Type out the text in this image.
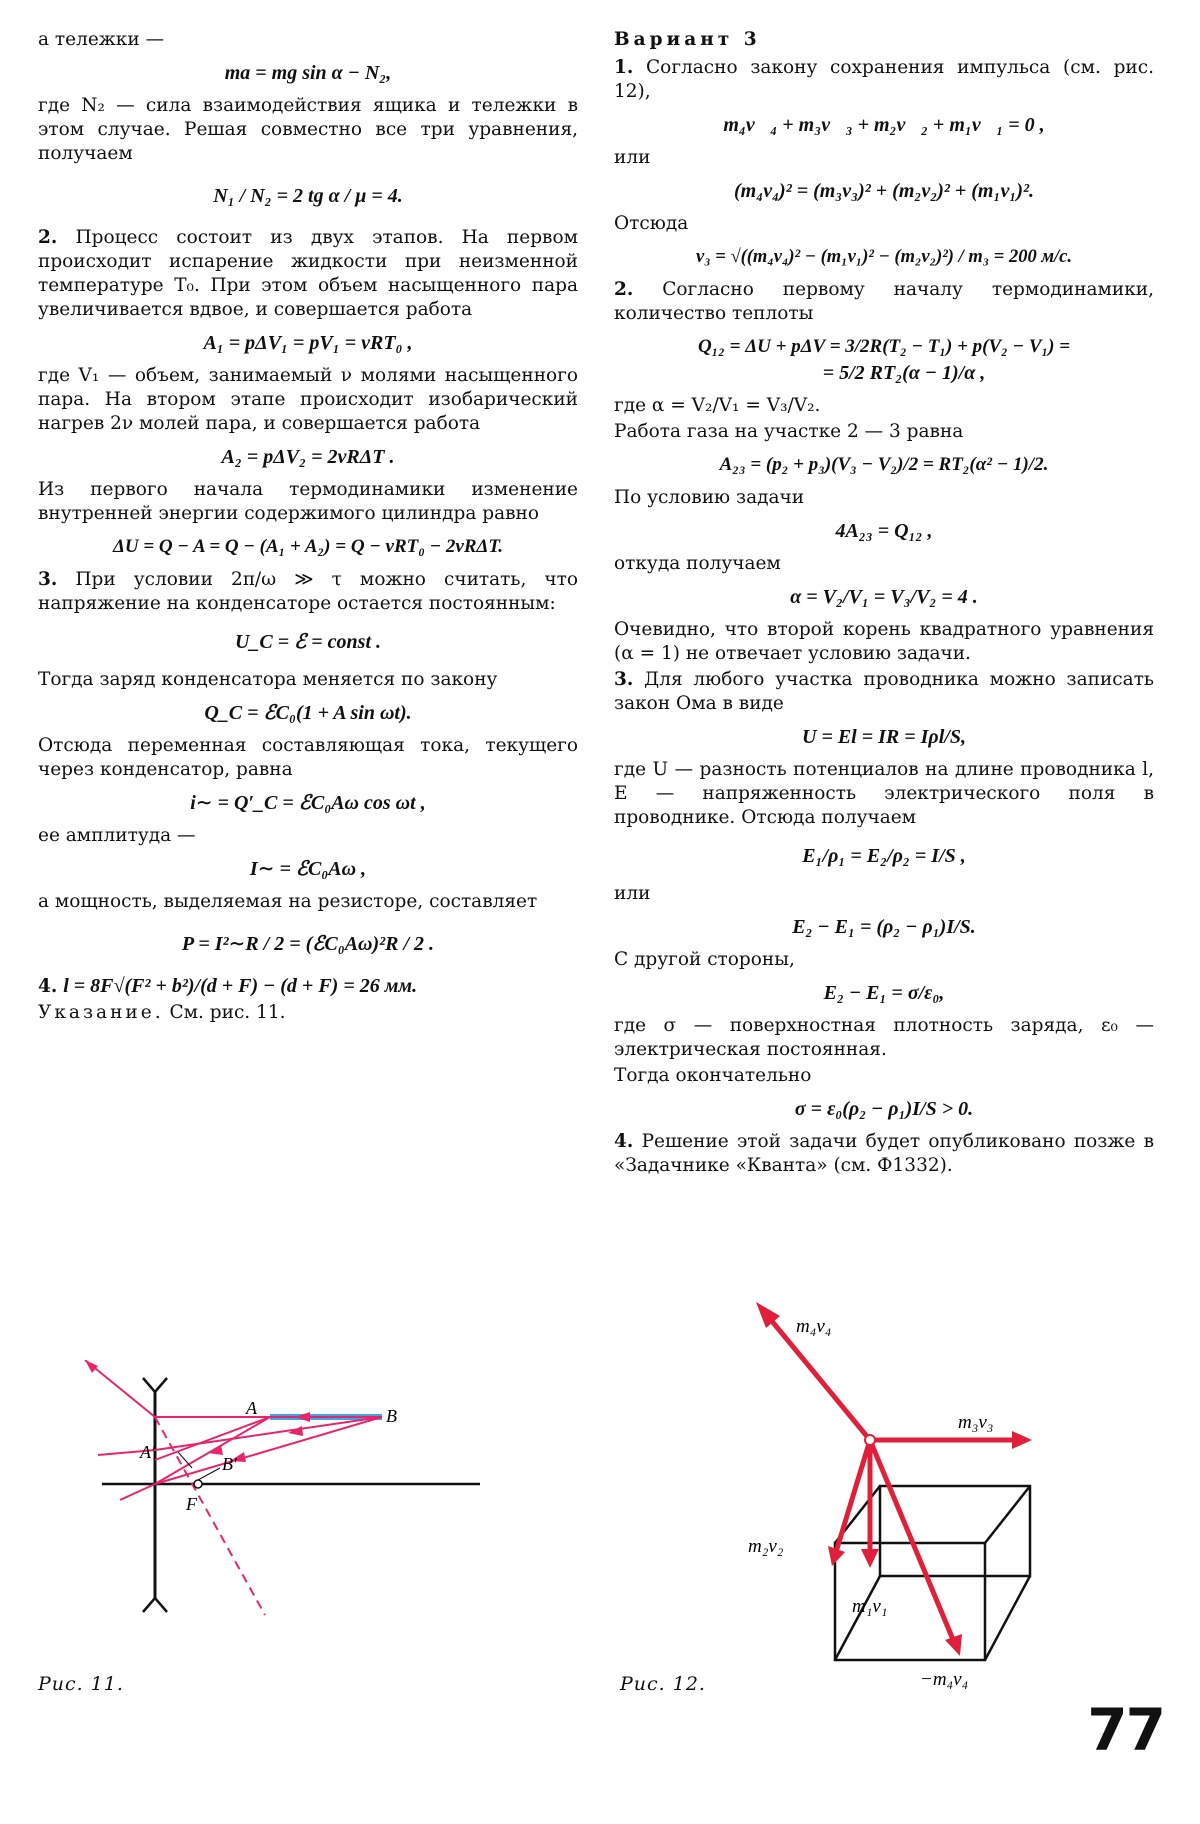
а тележки —

ma = mg sin α − N₂,

где N₂ — сила взаимодействия ящика и тележки в этом случае. Решая совместно все три уравнения, получаем

N₁ / N₂ = 2 tg α / μ = 4.

2. Процесс состоит из двух этапов. На первом происходит испарение жидкости при неизменной температуре T₀. При этом объем насыщенного пара увеличивается вдвое, и совершается работа

A₁ = pΔV₁ = pV₁ = νRT₀ ,

где V₁ — объем, занимаемый ν молями насыщенного пара. На втором этапе происходит изобарический нагрев 2ν молей пара, и совершается работа

A₂ = pΔV₂ = 2νRΔT .

Из первого начала термодинамики изменение внутренней энергии содержимого цилиндра равно

ΔU = Q − A = Q − (A₁ + A₂) = Q − νRT₀ − 2νRΔT.

3. При условии 2π/ω ≫ τ можно считать, что напряжение на конденсаторе остается постоянным:

U_C = ℰ = const .

Тогда заряд конденсатора меняется по закону

Q_C = ℰC₀(1 + A sin ωt).

Отсюда переменная составляющая тока, текущего через конденсатор, равна

i∼ = Q′_C = ℰC₀Aω cos ωt ,

ее амплитуда —

I∼ = ℰC₀Aω ,

а мощность, выделяемая на резисторе, составляет

P = I²∼R / 2 = (ℰC₀Aω)²R / 2 .

4. l = 8F√(F² + b²)/(d + F) − (d + F) = 26 мм.

Указание. См. рис. 11.

Вариант 3

1. Согласно закону сохранения импульса (см. рис. 12),

m₄v⃗₄ + m₃v⃗₃ + m₂v⃗₂ + m₁v⃗₁ = 0 ,

или

(m₄v₄)² = (m₃v₃)² + (m₂v₂)² + (m₁v₁)².

Отсюда

v₃ = √((m₄v₄)² − (m₁v₁)² − (m₂v₂)²) / m₃ = 200 м/с.

2. Согласно первому началу термодинамики, количество теплоты

Q₁₂ = ΔU + pΔV = 3/2R(T₂ − T₁) + p(V₂ − V₁) =
= 5/2 RT₂(α − 1)/α ,

где α = V₂/V₁ = V₃/V₂.

Работа газа на участке 2 — 3 равна

A₂₃ = (p₂ + p₃)(V₃ − V₂)/2 = RT₂(α² − 1)/2.

По условию задачи

4A₂₃ = Q₁₂ ,

откуда получаем

α = V₂/V₁ = V₃/V₂ = 4 .

Очевидно, что второй корень квадратного уравнения (α = 1) не отвечает условию задачи.

3. Для любого участка проводника можно записать закон Ома в виде

U = El = IR = Iρl/S,

где U — разность потенциалов на длине проводника l, E — напряженность электрического поля в проводнике. Отсюда получаем

E₁/ρ₁ = E₂/ρ₂ = I/S ,

или

E₂ − E₁ = (ρ₂ − ρ₁)I/S.

С другой стороны,

E₂ − E₁ = σ/ε₀,

где σ — поверхностная плотность заряда, ε₀ — электрическая постоянная.

Тогда окончательно

σ = ε₀(ρ₂ − ρ₁)I/S > 0.

4. Решение этой задачи будет опубликовано позже в «Задачнике «Кванта» (см. Ф1332).

A	B
A′
B′
F
Рис. 11.
m₄v₄
m₃v₃
m₂v₂
m₁v₁
−m₄v₄
Рис. 12.
77
